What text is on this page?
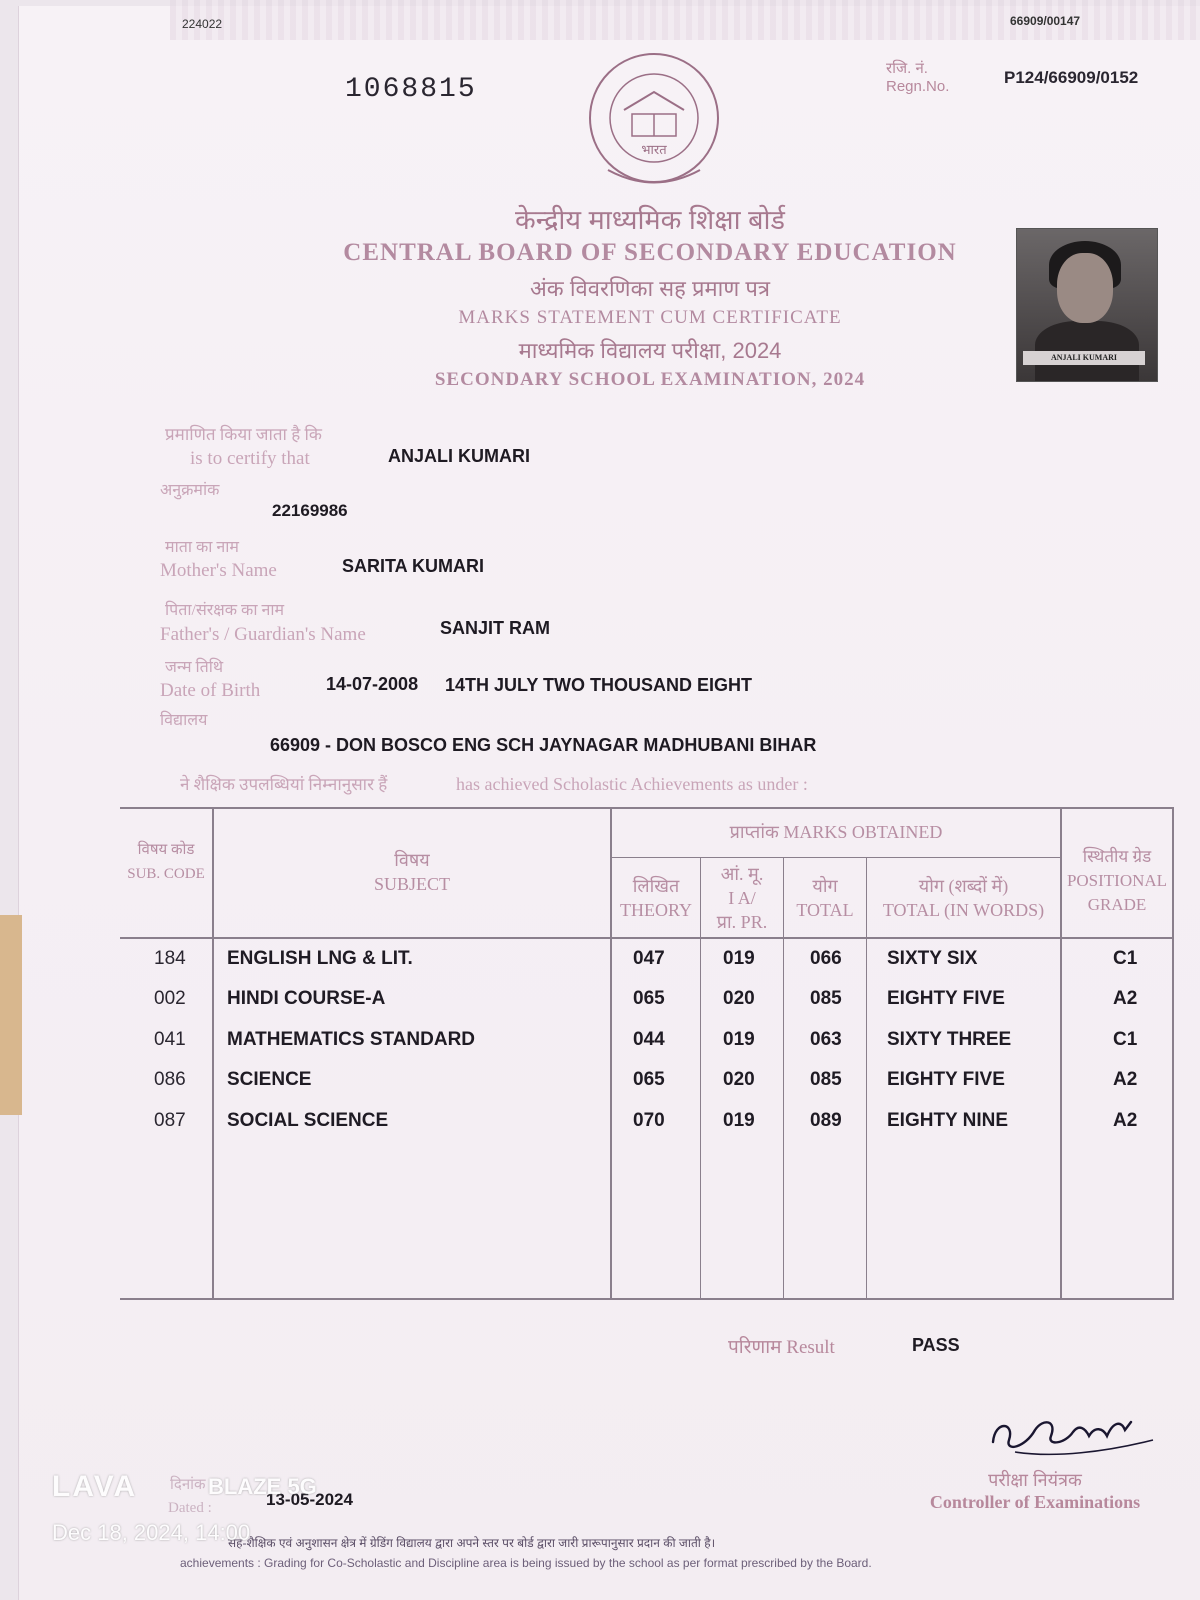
224022	66909/00147
1068815
भारत
रजि. नं.
Regn.No.	P124/66909/0152
केन्द्रीय माध्यमिक शिक्षा बोर्ड
CENTRAL BOARD OF SECONDARY EDUCATION
अंक विवरणिका सह प्रमाण पत्र
MARKS STATEMENT CUM CERTIFICATE
माध्यमिक विद्यालय परीक्षा, 2024
SECONDARY SCHOOL EXAMINATION, 2024
ANJALI KUMARI
प्रमाणित किया जाता है कि
is to certify that	ANJALI KUMARI
अनुक्रमांक
22169986
माता का नाम
Mother's Name	SARITA KUMARI
पिता/संरक्षक का नाम
Father's / Guardian's Name	SANJIT RAM
जन्म तिथि
Date of Birth	14-07-2008 14TH JULY TWO THOUSAND EIGHT
विद्यालय
66909 - DON BOSCO ENG SCH JAYNAGAR MADHUBANI BIHAR
ने शैक्षिक उपलब्धियां निम्नानुसार हैं	has achieved Scholastic Achievements as under :
विषय कोड
SUB. CODE
विषय
SUBJECT
प्राप्तांक MARKS OBTAINED
लिखित
THEORY
आं. मू.
I A/
प्रा. PR.
योग
TOTAL
योग (शब्दों में)
TOTAL (IN WORDS)
स्थितीय ग्रेड
POSITIONAL
GRADE
184 ENGLISH LNG & LIT.	047	019	066 SIXTY SIX	C1
002 HINDI COURSE-A	065	020	085 EIGHTY FIVE	A2
041 MATHEMATICS STANDARD	044	019	063 SIXTY THREE	C1
086 SCIENCE	065	020	085 EIGHTY FIVE	A2
087 SOCIAL SCIENCE	070	019	089 EIGHTY NINE	A2
परिणाम Result	PASS
परीक्षा नियंत्रक
Controller of Examinations
दिनांक
Dated :	13-05-2024
सह-शैक्षिक एवं अनुशासन क्षेत्र में ग्रेडिंग विद्यालय द्वारा अपने स्तर पर बोर्ड द्वारा जारी प्रारूपानुसार प्रदान की जाती है।
achievements : Grading for Co-Scholastic and Discipline area is being issued by the school as per format prescribed by the Board.
LAVA	BLAZE 5G
Dec 18, 2024, 14:00
